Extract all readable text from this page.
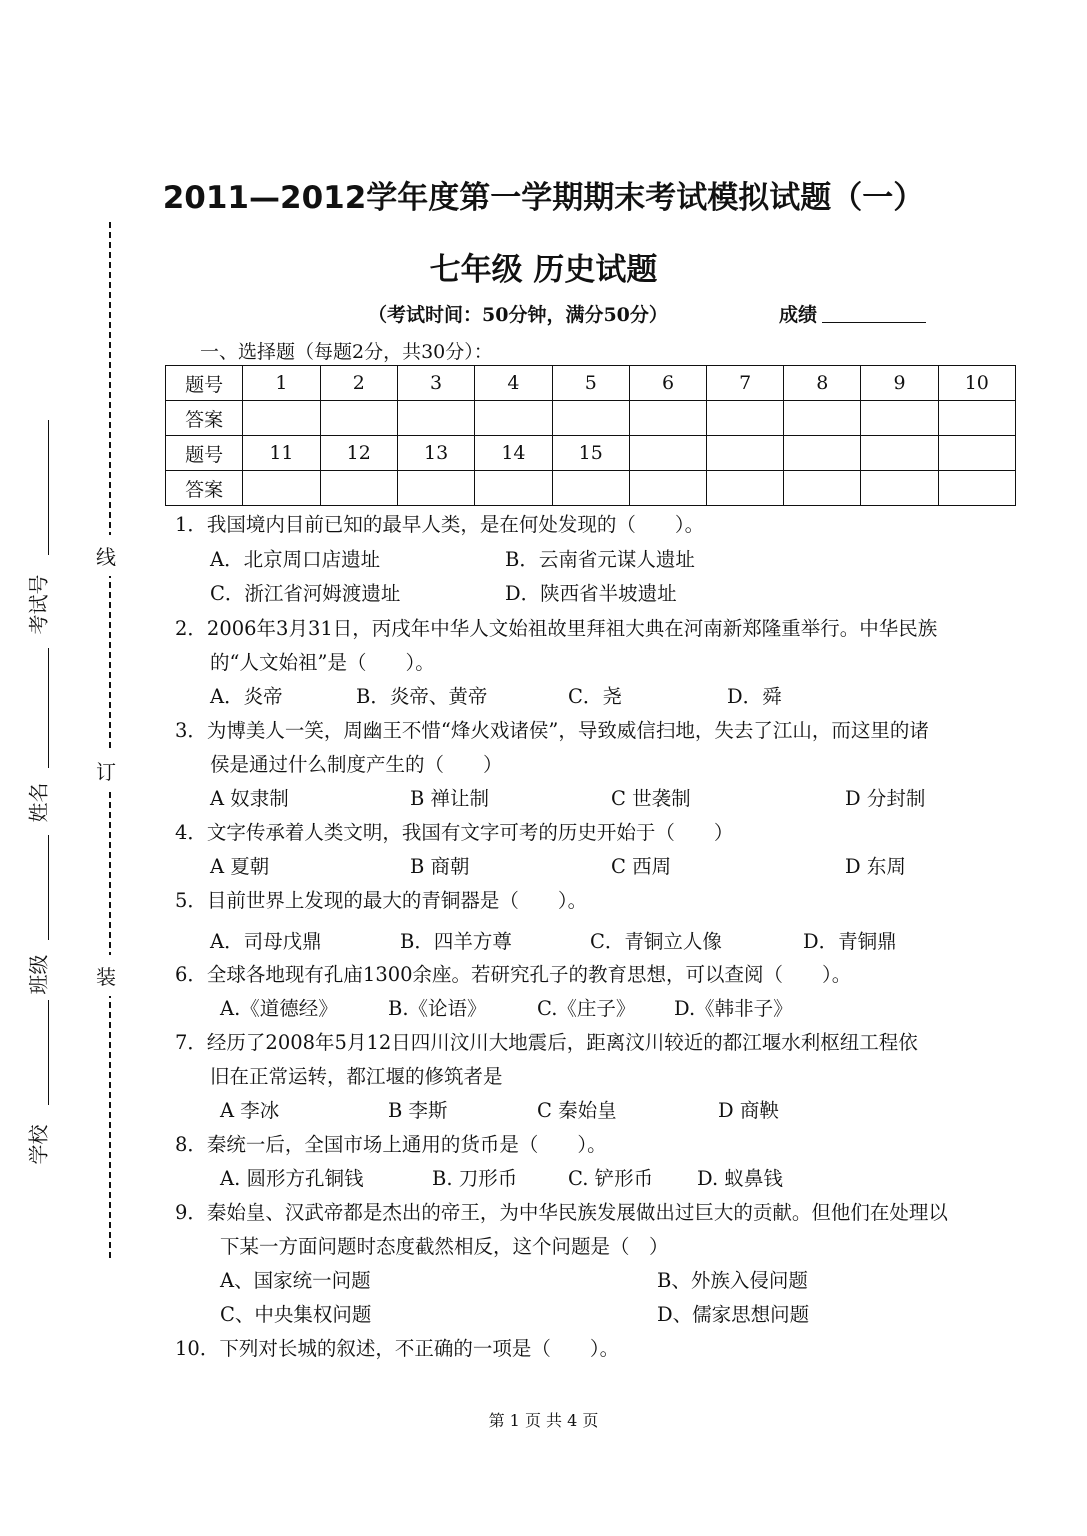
2011—2012学年度第一学期期末考试模拟试题（一）
七年级 历史试题
（考试时间：50分钟，满分50分）	成绩
一、选择题（每题2分，共30分）：
题号	1	2	3	4	5	6	7	8	9	10
答案										
题号	11	12	13	14	15					
答案										
1．我国境内目前已知的最早人类，是在何处发现的（　　）。
A．北京周口店遗址	B．云南省元谋人遗址
C．浙江省河姆渡遗址	D．陕西省半坡遗址
2．2006年3月31日，丙戌年中华人文始祖故里拜祖大典在河南新郑隆重举行。中华民族
的“人文始祖”是（　　）。
A．炎帝	B．炎帝、黄帝	C．尧	D．舜
3．为博美人一笑，周幽王不惜“烽火戏诸侯”，导致威信扫地，失去了江山，而这里的诸
侯是通过什么制度产生的（　　）
A 奴隶制	B 禅让制	C 世袭制	D 分封制
4．文字传承着人类文明，我国有文字可考的历史开始于（　　）
A 夏朝	B 商朝	C 西周	D 东周
5．目前世界上发现的最大的青铜器是（　　）。
A．司母戊鼎	B．四羊方尊	C．青铜立人像	D．青铜鼎
6．全球各地现有孔庙1300余座。若研究孔子的教育思想，可以查阅（　　）。
A.《道德经》	B.《论语》	C.《庄子》 D.《韩非子》
7．经历了2008年5月12日四川汶川大地震后，距离汶川较近的都江堰水利枢纽工程依
旧在正常运转，都江堰的修筑者是
A 李冰	B 李斯	C 秦始皇	D 商鞅
8．秦统一后，全国市场上通用的货币是（　　）。
A. 圆形方孔铜钱	B. 刀形币	C. 铲形币 D. 蚁鼻钱
9．秦始皇、汉武帝都是杰出的帝王，为中华民族发展做出过巨大的贡献。但他们在处理以
下某一方面问题时态度截然相反，这个问题是（　）
A、国家统一问题	B、外族入侵问题
C、中央集权问题	D、儒家思想问题
10．下列对长城的叙述，不正确的一项是（　　）。
第 1 页 共 4 页
线
订
装
考试号
姓名
班级
学校
